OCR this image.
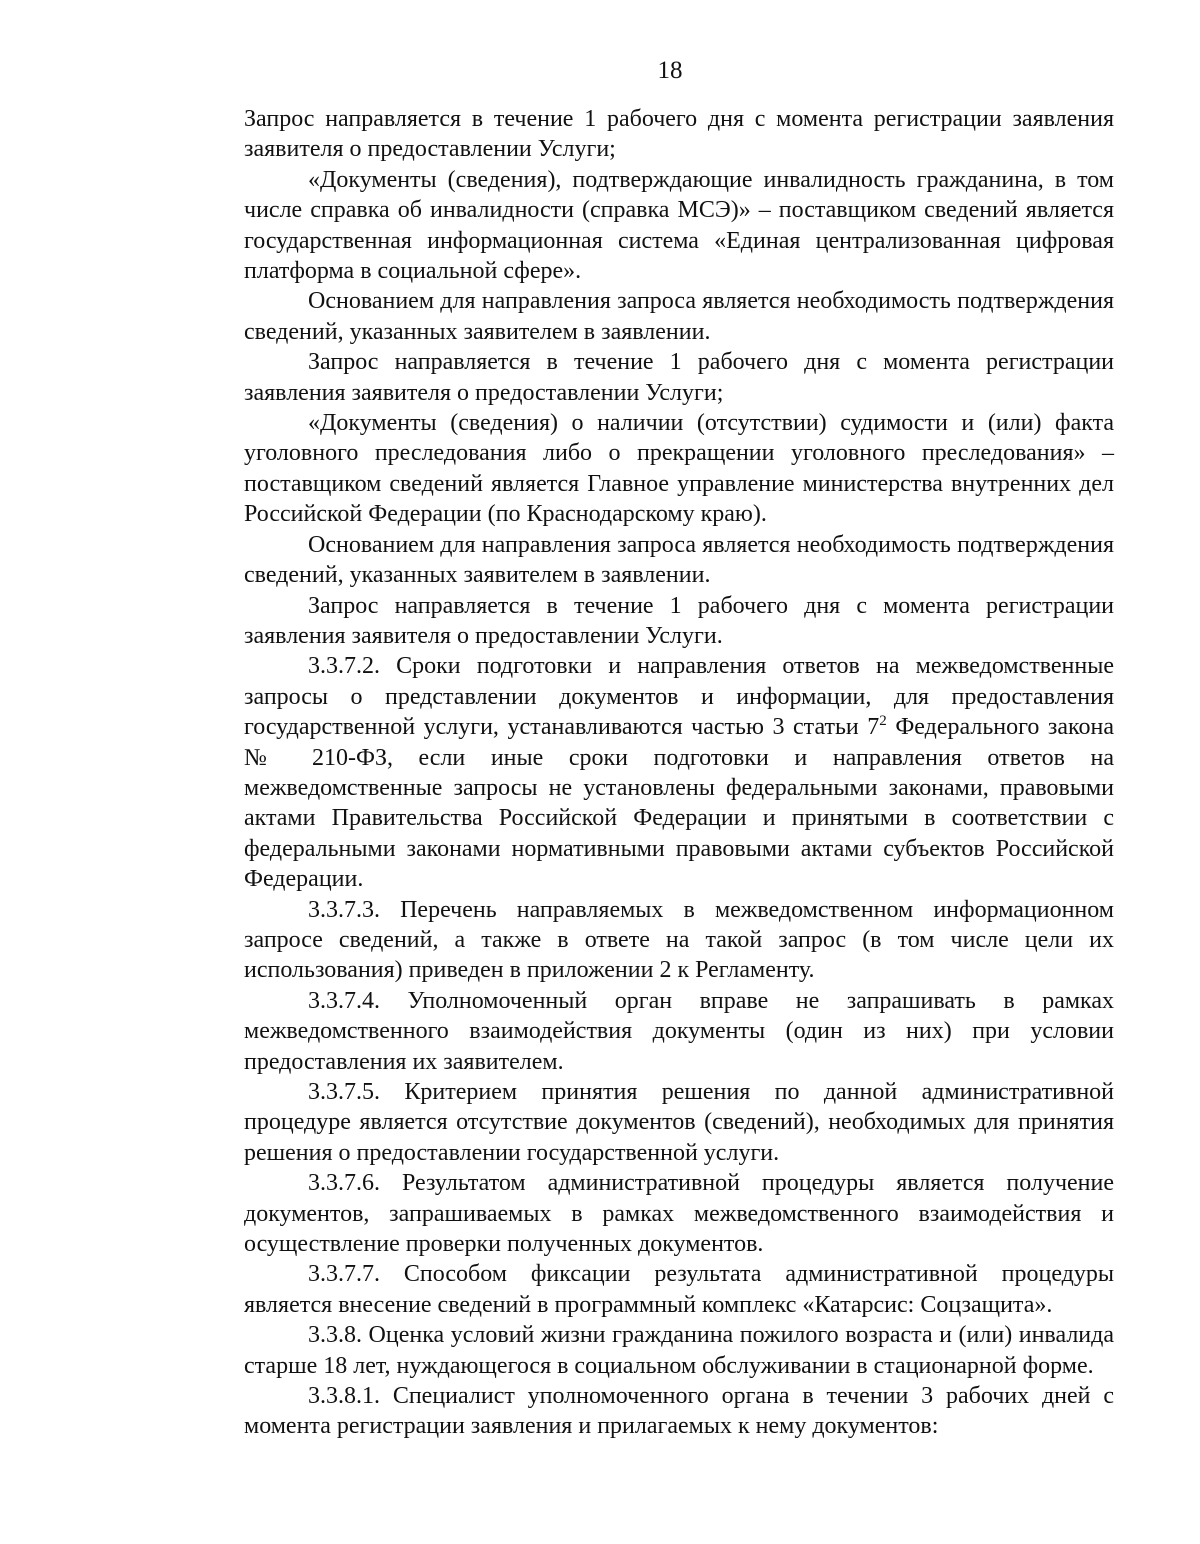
18

Запрос направляется в течение 1 рабочего дня с момента регистрации заявления заявителя о предоставлении Услуги;

«Документы (сведения), подтверждающие инвалидность гражданина, в том числе справка об инвалидности (справка МСЭ)» – поставщиком сведений является государственная информационная система «Единая централизованная цифровая платформа в социальной сфере».

Основанием для направления запроса является необходимость подтверждения сведений, указанных заявителем в заявлении.

Запрос направляется в течение 1 рабочего дня с момента регистрации заявления заявителя о предоставлении Услуги;

«Документы (сведения) о наличии (отсутствии) судимости и (или) факта уголовного преследования либо о прекращении уголовного преследования» – поставщиком сведений является Главное управление министерства внутренних дел Российской Федерации (по Краснодарскому краю).

Основанием для направления запроса является необходимость подтверждения сведений, указанных заявителем в заявлении.

Запрос направляется в течение 1 рабочего дня с момента регистрации заявления заявителя о предоставлении Услуги.

3.3.7.2. Сроки подготовки и направления ответов на межведомственные запросы о представлении документов и информации, для предоставления государственной услуги, устанавливаются частью 3 статьи $7^2$ Федерального закона № 210-ФЗ, если иные сроки подготовки и направления ответов на межведомственные запросы не установлены федеральными законами, правовыми актами Правительства Российской Федерации и принятыми в соответствии с федеральными законами нормативными правовыми актами субъектов Российской Федерации.

3.3.7.3. Перечень направляемых в межведомственном информационном запросе сведений, а также в ответе на такой запрос (в том числе цели их использования) приведен в приложении 2 к Регламенту.

3.3.7.4. Уполномоченный орган вправе не запрашивать в рамках межведомственного взаимодействия документы (один из них) при условии предоставления их заявителем.

3.3.7.5. Критерием принятия решения по данной административной процедуре является отсутствие документов (сведений), необходимых для принятия решения о предоставлении государственной услуги.

3.3.7.6. Результатом административной процедуры является получение документов, запрашиваемых в рамках межведомственного взаимодействия и осуществление проверки полученных документов.

3.3.7.7. Способом фиксации результата административной процедуры является внесение сведений в программный комплекс «Катарсис: Соцзащита».

3.3.8. Оценка условий жизни гражданина пожилого возраста и (или) инвалида старше 18 лет, нуждающегося в социальном обслуживании в стационарной форме.

3.3.8.1. Специалист уполномоченного органа в течении 3 рабочих дней с момента регистрации заявления и прилагаемых к нему документов:
